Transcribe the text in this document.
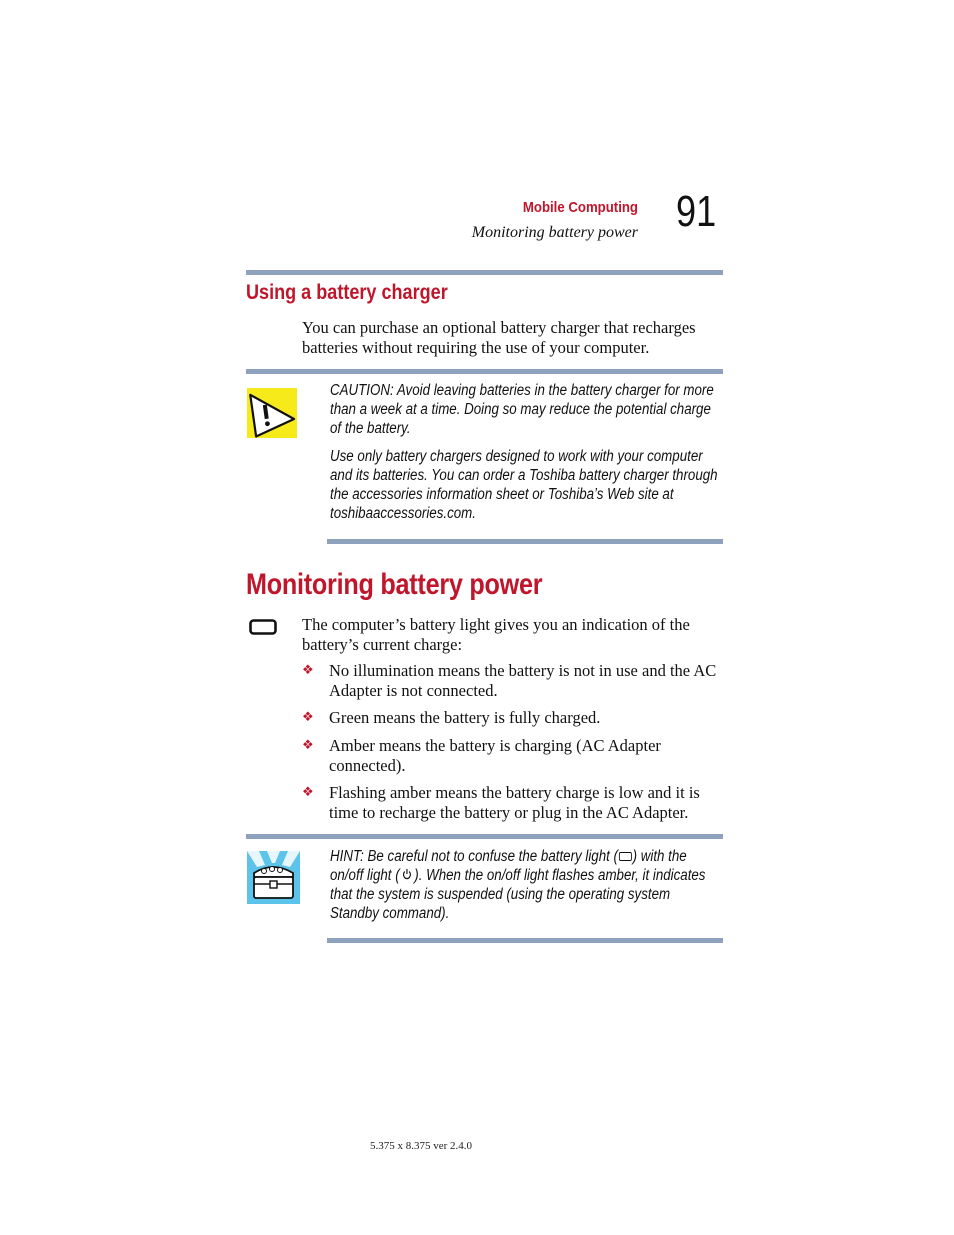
Mobile Computing
Monitoring battery power 91
Using a battery charger
You can purchase an optional battery charger that recharges batteries without requiring the use of your computer.
CAUTION: Avoid leaving batteries in the battery charger for more than a week at a time. Doing so may reduce the potential charge of the battery.
Use only battery chargers designed to work with your computer and its batteries. You can order a Toshiba battery charger through the accessories information sheet or Toshiba’s Web site at toshibaaccessories.com.
Monitoring battery power
The computer’s battery light gives you an indication of the battery’s current charge:
❖ No illumination means the battery is not in use and the AC Adapter is not connected.
❖ Green means the battery is fully charged.
❖ Amber means the battery is charging (AC Adapter connected).
❖ Flashing amber means the battery charge is low and it is time to recharge the battery or plug in the AC Adapter.
HINT: Be careful not to confuse the battery light ( ) with the on/off light ( ). When the on/off light flashes amber, it indicates that the system is suspended (using the operating system Standby command).
5.375 x 8.375 ver 2.4.0
